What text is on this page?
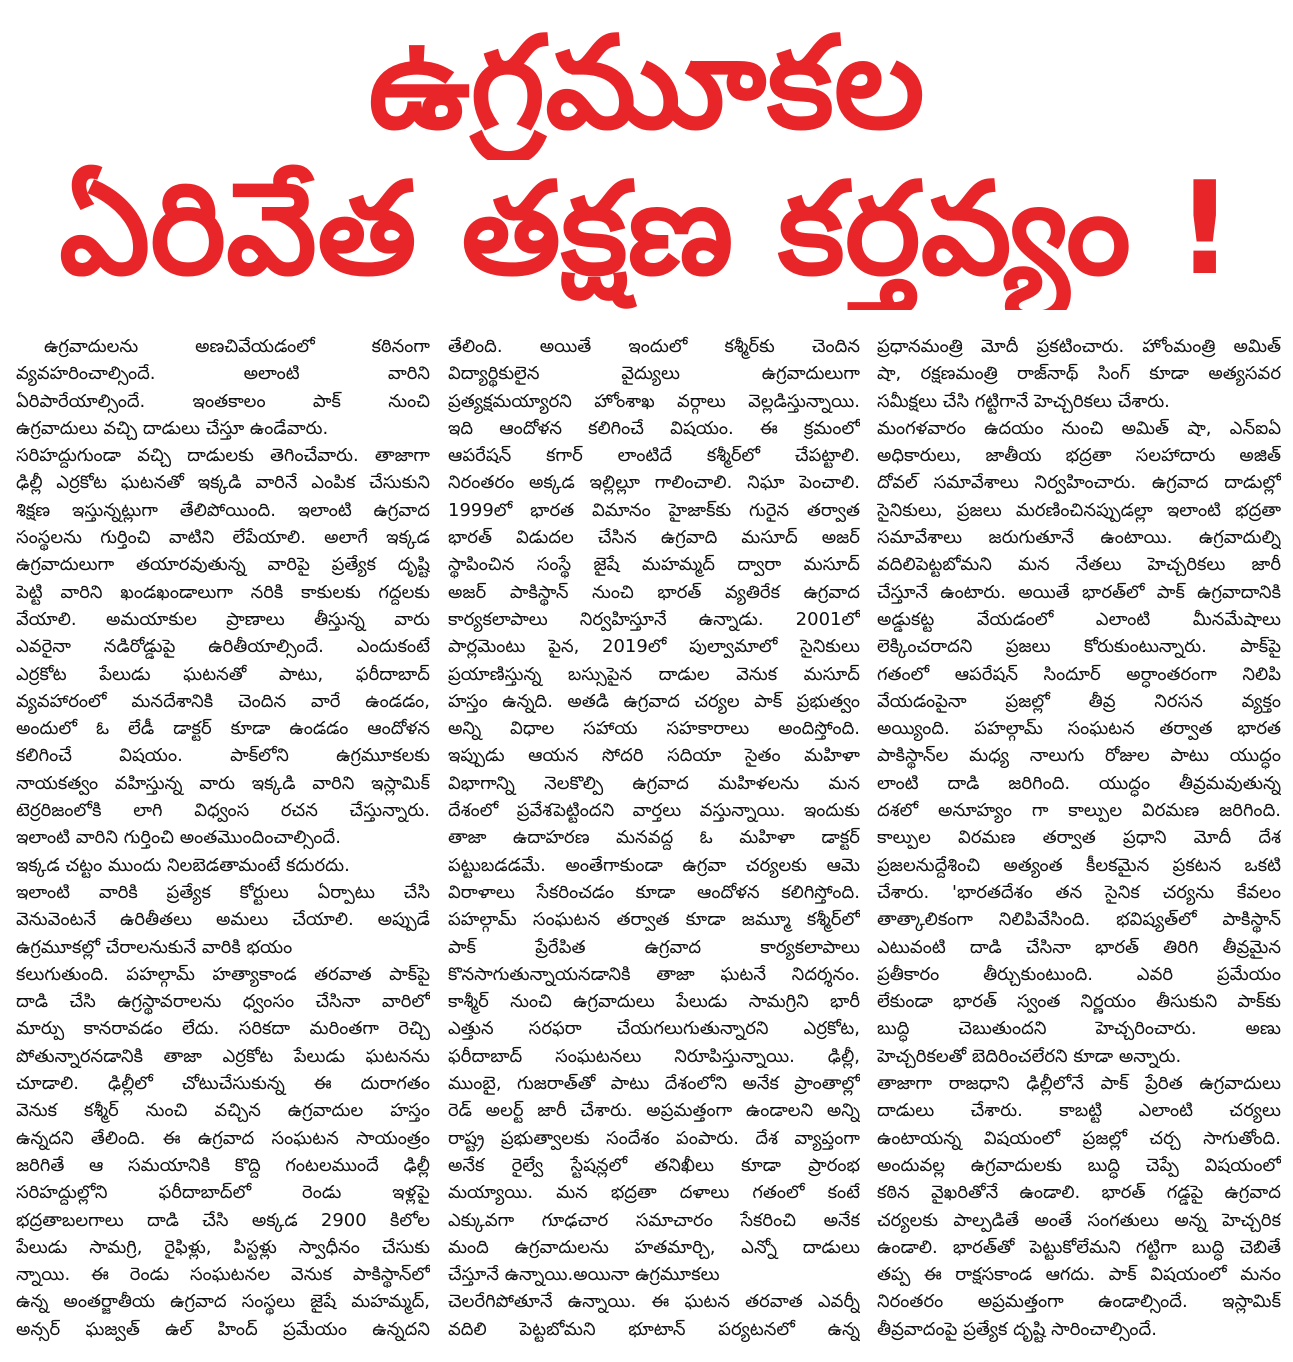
ఉగ్రమూకల
ఏరివేత తక్షణ కర్తవ్యం !
ఉగ్రవాదులను అణచివేయడంలో కఠినంగా
వ్యవహరించాల్సిందే. అలాంటి వారిని
ఏరిపారేయాల్సిందే. ఇంతకాలం పాక్ నుంచి
ఉగ్రవాదులు వచ్చి దాడులు చేస్తూ ఉండేవారు.
సరిహద్దుగుండా వచ్చి దాడులకు తెగించేవారు. తాజాగా
ఢిల్లీ ఎర్రకోట ఘటనతో ఇక్కడి వారినే ఎంపిక చేసుకుని
శిక్షణ ఇస్తున్నట్లుగా తేలిపోయింది. ఇలాంటి ఉగ్రవాద
సంస్థలను గుర్తించి వాటిని లేపేయాలి. అలాగే ఇక్కడ
ఉగ్రవాదులుగా తయారవుతున్న వారిపై ప్రత్యేక దృష్టి
పెట్టి వారిని ఖండఖండాలుగా నరికి కాకులకు గద్దలకు
వేయాలి. అమయాకుల ప్రాణాలు తీస్తున్న వారు
ఎవరైనా నడిరోడ్డుపై ఉరితీయాల్సిందే. ఎందుకంటే
ఎర్రకోట పేలుడు ఘటనతో పాటు, ఫరీదాబాద్
వ్యవహారంలో మనదేశానికి చెందిన వారే ఉండడం,
అందులో ఓ లేడీ డాక్టర్ కూడా ఉండడం ఆందోళన
కలిగించే విషయం. పాక్‌లోని ఉగ్రమూకలకు
నాయకత్వం వహిస్తున్న వారు ఇక్కడి వారిని ఇస్లామిక్
టెర్రరిజంలోకి లాగి విధ్వంస రచన చేస్తున్నారు.
ఇలాంటి వారిని గుర్తించి అంతమొందించాల్సిందే.
ఇక్కడ చట్టం ముందు నిలబెడతామంటే కదురదు.
ఇలాంటి వారికి ప్రత్యేక కోర్టులు ఏర్పాటు చేసి
వెనువెంటనే ఉరితీతలు అమలు చేయాలి. అప్పుడే
ఉగ్రమూకల్లో చేరాలనుకునే వారికి భయం
కలుగుతుంది. పహల్గామ్ హత్యాకాండ తరవాత పాక్‌పై
దాడి చేసి ఉగ్రస్థావరాలను ధ్వంసం చేసినా వారిలో
మార్పు కానరావడం లేదు. సరికదా మరింతగా రెచ్చి
పోతున్నారనడానికి తాజా ఎర్రకోట పేలుడు ఘటనను
చూడాలి. ఢిల్లీలో చోటుచేసుకున్న ఈ దురాగతం
వెనుక కశ్మీర్ నుంచి వచ్చిన ఉగ్రవాదుల హస్తం
ఉన్నదని తేలింది. ఈ ఉగ్రవాద సంఘటన సాయంత్రం
జరిగితే ఆ సమయానికి కొద్ది గంటలముందే ఢిల్లీ
సరిహద్దుల్లోని ఫరీదాబాద్‌లో రెండు ఇళ్లపై
భద్రతాబలగాలు దాడి చేసి అక్కడ 2900 కిలోల
పేలుడు సామగ్రి, రైఫిళ్లు, పిస్టళ్లు స్వాధీనం చేసుకు
న్నాయి. ఈ రెండు సంఘటనల వెనుక పాకిస్థాన్‌లో
ఉన్న అంతర్జాతీయ ఉగ్రవాద సంస్థలు జైషే మహమ్మద్,
అన్సర్ ఘజ్వత్ ఉల్ హింద్ ప్రమేయం ఉన్నదని
తేలింది. అయితే ఇందులో కశ్మీర్‌కు చెందిన
విద్యార్థికులైన వైద్యులు ఉగ్రవాదులుగా
ప్రత్యక్షమయ్యారని హోంశాఖ వర్గాలు వెల్లడిస్తున్నాయి.
ఇది ఆందోళన కలిగించే విషయం. ఈ క్రమంలో
ఆపరేషన్ కగార్ లాంటిదే కశ్మీర్‌లో చేపట్టాలి.
నిరంతరం అక్కడ ఇల్లిల్లూ గాలించాలి. నిఘా పెంచాలి.
1999లో భారత విమానం హైజాక్‌కు గురైన తర్వాత
భారత్ విడుదల చేసిన ఉగ్రవాది మసూద్ అజర్
స్థాపించిన సంస్థే జైషే మహమ్మద్ ద్వారా మసూద్
అజర్ పాకిస్థాన్ నుంచి భారత్ వ్యతిరేక ఉగ్రవాద
కార్యకలాపాలు నిర్వహిస్తూనే ఉన్నాడు. 2001లో
పార్లమెంటు పైన, 2019లో పుల్వామాలో సైనికులు
ప్రయాణిస్తున్న బస్సుపైన దాడుల వెనుక మసూద్
హస్తం ఉన్నది. అతడి ఉగ్రవాద చర్యల పాక్ ప్రభుత్వం
అన్ని విధాల సహాయ సహకారాలు అందిస్తోంది.
ఇప్పుడు ఆయన సోదరి సదియా సైతం మహిళా
విభాగాన్ని నెలకొల్పి ఉగ్రవాద మహిళలను మన
దేశంలో ప్రవేశపెట్టిందని వార్తలు వస్తున్నాయి. ఇందుకు
తాజా ఉదాహరణ మనవద్ద ఓ మహిళా డాక్టర్
పట్టుబడడమే. అంతేగాకుండా ఉగ్రవా చర్యలకు ఆమె
విరాళాలు సేకరించడం కూడా ఆందోళన కలిగిస్తోంది.
పహల్గామ్ సంఘటన తర్వాత కూడా జమ్మూ కశ్మీర్‌లో
పాక్ ప్రేరేపిత ఉగ్రవాద కార్యకలాపాలు
కొనసాగుతున్నాయనడానికి తాజా ఘటనే నిదర్శనం.
కాశ్మీర్ నుంచి ఉగ్రవాదులు పేలుడు సామగ్రిని భారీ
ఎత్తున సరఫరా చేయగలుగుతున్నారని ఎర్రకోట,
ఫరీదాబాద్ సంఘటనలు నిరూపిస్తున్నాయి. ఢిల్లీ,
ముంబై, గుజరాత్‌తో పాటు దేశంలోని అనేక ప్రాంతాల్లో
రెడ్ అలర్ట్ జారీ చేశారు. అప్రమత్తంగా ఉండాలని అన్ని
రాష్ట్ర ప్రభుత్వాలకు సందేశం పంపారు. దేశ వ్యాప్తంగా
అనేక రైల్వే స్టేషన్లలో తనిఖీలు కూడా ప్రారంభ
మయ్యాయి. మన భద్రతా దళాలు గతంలో కంటే
ఎక్కువగా గూఢచార సమాచారం సేకరించి అనేక
మంది ఉగ్రవాదులను హతమార్చి, ఎన్నో దాడులు
చేస్తూనే ఉన్నాయి.అయినా ఉగ్రమూకలు
చెలరేగిపోతూనే ఉన్నాయి. ఈ ఘటన తరవాత ఎవర్నీ
వదిలి పెట్టబోమని భూటాన్ పర్యటనలో ఉన్న
ప్రధానమంత్రి మోదీ ప్రకటించారు. హోంమంత్రి అమిత్
షా, రక్షణమంత్రి రాజ్‌నాథ్ సింగ్ కూడా అత్యసవర
సమీక్షలు చేసి గట్టిగానే హెచ్చరికలు చేశారు.
మంగళవారం ఉదయం నుంచి అమిత్ షా, ఎన్ఐఏ
అధికారులు, జాతీయ భద్రతా సలహాదారు అజిత్
దోవల్ సమావేశాలు నిర్వహించారు. ఉగ్రవాద దాడుల్లో
సైనికులు, ప్రజలు మరణించినప్పుడల్లా ఇలాంటి భద్రతా
సమావేశాలు జరుగుతూనే ఉంటాయి. ఉగ్రవాదుల్ని
వదిలిపెట్టబోమని మన నేతలు హెచ్చరికలు జారీ
చేస్తూనే ఉంటారు. అయితే భారత్‌లో పాక్ ఉగ్రవాదానికి
అడ్డుకట్ట వేయడంలో ఎలాంటి మీనమేషాలు
లెక్కించరాదని ప్రజలు కోరుకుంటున్నారు. పాక్‌పై
గతంలో ఆపరేషన్ సిందూర్ అర్ధాంతరంగా నిలిపి
వేయడంపైనా ప్రజల్లో తీవ్ర నిరసన వ్యక్తం
అయ్యింది. పహల్గామ్ సంఘటన తర్వాత భారత
పాకిస్థాన్‌ల మధ్య నాలుగు రోజుల పాటు యుద్ధం
లాంటి దాడి జరిగింది. యుద్ధం తీవ్రమవుతున్న
దశలో అనూహ్యం గా కాల్పుల విరమణ జరిగింది.
కాల్పుల విరమణ తర్వాత ప్రధాని మోదీ దేశ
ప్రజలనుద్దేశించి అత్యంత కీలకమైన ప్రకటన ఒకటి
చేశారు. 'భారతదేశం తన సైనిక చర్యను కేవలం
తాత్కాలికంగా నిలిపివేసింది. భవిష్యత్‌లో పాకిస్థాన్
ఎటువంటి దాడి చేసినా భారత్ తిరిగి తీవ్రమైన
ప్రతీకారం తీర్చుకుంటుంది. ఎవరి ప్రమేయం
లేకుండా భారత్ స్వంత నిర్ణయం తీసుకుని పాక్‌కు
బుద్ధి చెబుతుందని హెచ్చరించారు. అణు
హెచ్చరికలతో బెదిరించలేరని కూడా అన్నారు.
తాజాగా రాజధాని ఢిల్లీలోనే పాక్ ప్రేరిత ఉగ్రవాదులు
దాడులు చేశారు. కాబట్టి ఎలాంటి చర్యలు
ఉంటాయన్న విషయంలో ప్రజల్లో చర్చ సాగుతోంది.
అందువల్ల ఉగ్రవాదులకు బుద్ధి చెప్పే విషయంలో
కఠిన వైఖరితోనే ఉండాలి. భారత్ గడ్డపై ఉగ్రవాద
చర్యలకు పాల్పడితే అంతే సంగతులు అన్న హెచ్చరిక
ఉండాలి. భారత్‌తో పెట్టుకోలేమని గట్టిగా బుద్ధి చెబితే
తప్ప ఈ రాక్షసకాండ ఆగదు. పాక్ విషయంలో మనం
నిరంతరం అప్రమత్తంగా ఉండాల్సిందే. ఇస్లామిక్
తీవ్రవాదంపై ప్రత్యేక దృష్టి సారించాల్సిందే.
